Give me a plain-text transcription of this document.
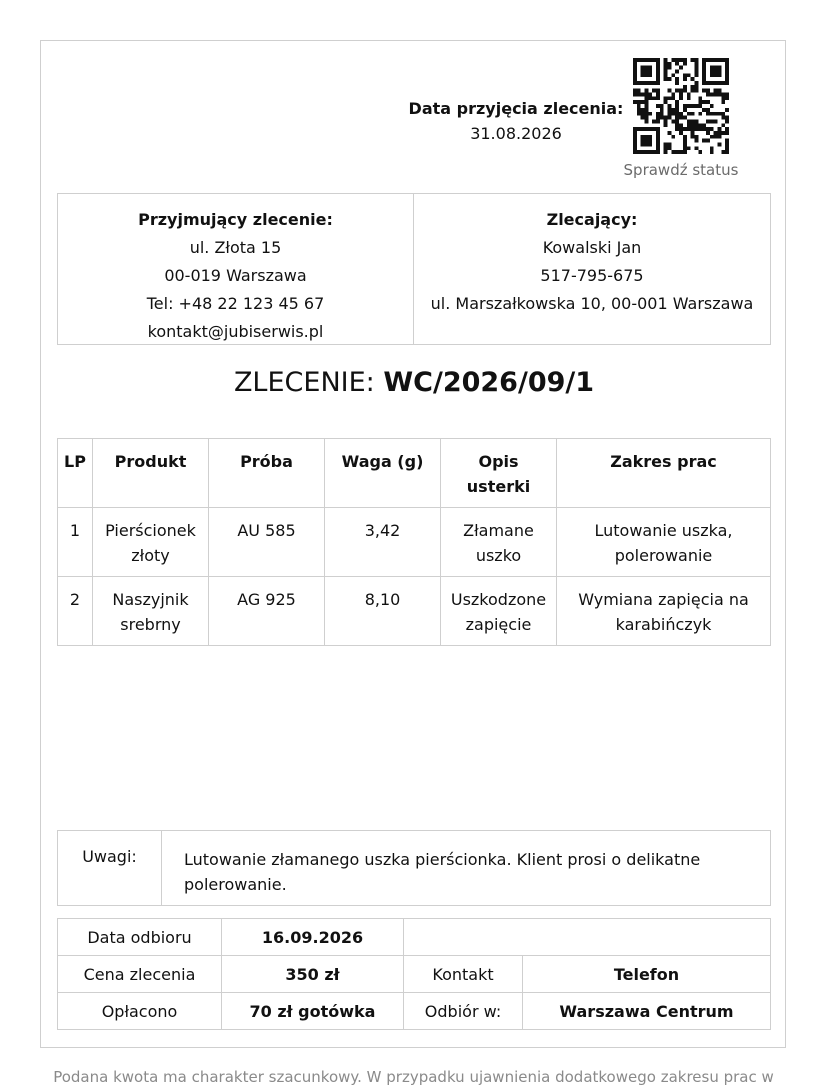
Data przyjęcia zlecenia:
31.08.2026
Sprawdź status
Przyjmujący zlecenie:
ul. Złota 15
00-019 Warszawa
Tel: +48 22 123 45 67
kontakt@jubiserwis.pl
Zlecający:
Kowalski Jan
517-795-675
ul. Marszałkowska 10, 00-001 Warszawa
ZLECENIE: WC/2026/09/1
LP	Produkt	Próba	Waga (g)	Opis usterki	Zakres prac
1	Pierścionek złoty	AU 585	3,42	Złamane uszko	Lutowanie uszka, polerowanie
2	Naszyjnik srebrny	AG 925	8,10	Uszkodzone zapięcie	Wymiana zapięcia na karabińczyk
Uwagi:	Lutowanie złamanego uszka pierścionka. Klient prosi o delikatne polerowanie.
Data odbioru	16.09.2026		
Cena zlecenia	350 zł	Kontakt	Telefon
Opłacono	70 zł gotówka	Odbiór w:	Warszawa Centrum
Podana kwota ma charakter szacunkowy. W przypadku ujawnienia dodatkowego zakresu prac w
